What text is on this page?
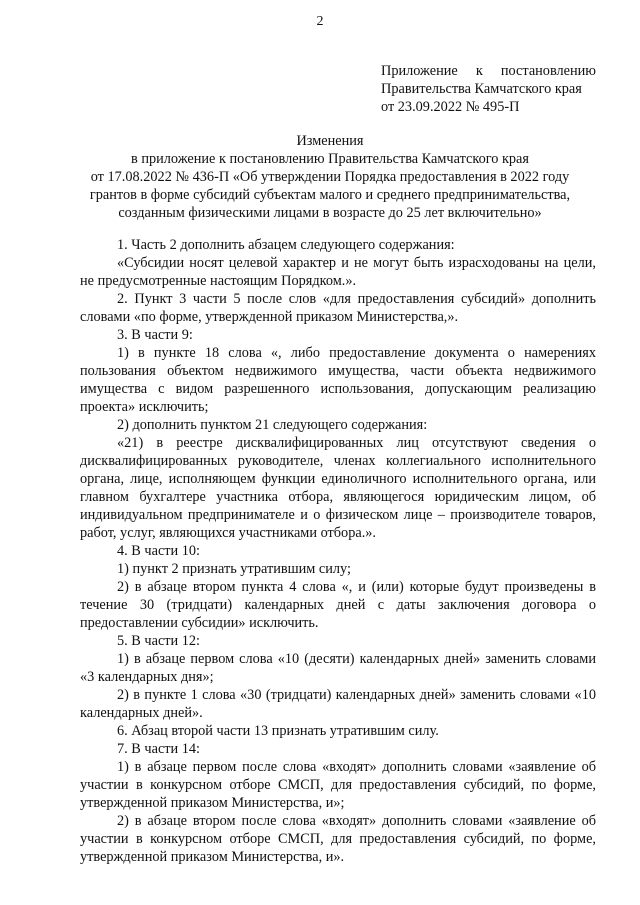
2
Приложение к постановлению
Правительства Камчатского края
от 23.09.2022 № 495-П
Изменения
в приложение к постановлению Правительства Камчатского края
от 17.08.2022 № 436-П «Об утверждении Порядка предоставления в 2022 году
грантов в форме субсидий субъектам малого и среднего предпринимательства,
созданным физическими лицами в возрасте до 25 лет включительно»

1. Часть 2 дополнить абзацем следующего содержания:

«Субсидии носят целевой характер и не могут быть израсходованы на цели, не предусмотренные настоящим Порядком.».

2. Пункт 3 части 5 после слов «для предоставления субсидий» дополнить словами «по форме, утвержденной приказом Министерства,».

3. В части 9:

1) в пункте 18 слова «, либо предоставление документа о намерениях пользования объектом недвижимого имущества, части объекта недвижимого имущества с видом разрешенного использования, допускающим реализацию проекта» исключить;

2) дополнить пунктом 21 следующего содержания:

«21) в реестре дисквалифицированных лиц отсутствуют сведения о дисквалифицированных руководителе, членах коллегиального исполнительного органа, лице, исполняющем функции единоличного исполнительного органа, или главном бухгалтере участника отбора, являющегося юридическим лицом, об индивидуальном предпринимателе и о физическом лице – производителе товаров, работ, услуг, являющихся участниками отбора.».

4. В части 10:

1) пункт 2 признать утратившим силу;

2) в абзаце втором пункта 4 слова «, и (или) которые будут произведены в течение 30 (тридцати) календарных дней с даты заключения договора о предоставлении субсидии» исключить.

5. В части 12:

1) в абзаце первом слова «10 (десяти) календарных дней» заменить словами «3 календарных дня»;

2) в пункте 1 слова «30 (тридцати) календарных дней» заменить словами «10 календарных дней».

6. Абзац второй части 13 признать утратившим силу.

7. В части 14:

1) в абзаце первом после слова «входят» дополнить словами «заявление об участии в конкурсном отборе СМСП, для предоставления субсидий, по форме, утвержденной приказом Министерства, и»;

2) в абзаце втором после слова «входят» дополнить словами «заявление об участии в конкурсном отборе СМСП, для предоставления субсидий, по форме, утвержденной приказом Министерства, и».
